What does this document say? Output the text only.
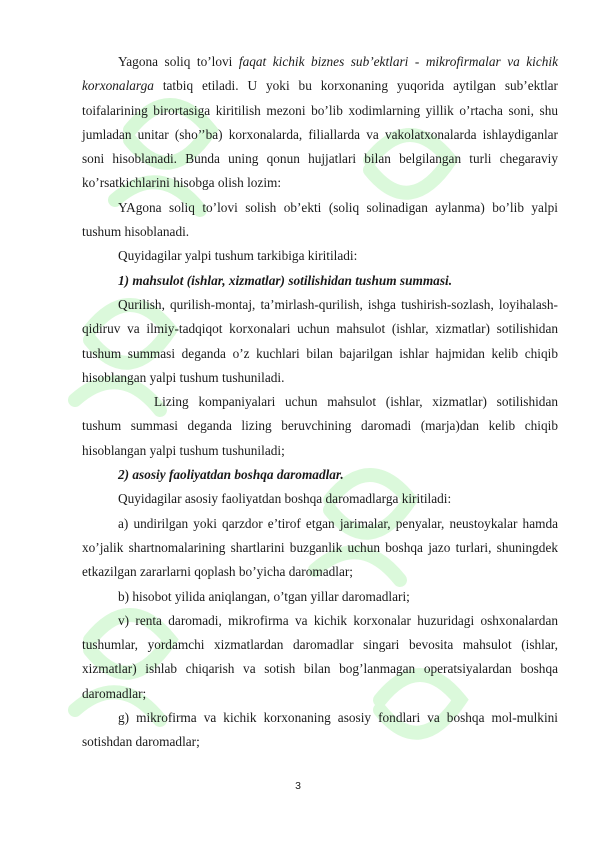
Yagona soliq to’lovi faqat kichik biznes sub’ektlari - mikrofirmalar va kichik korxonalarga tatbiq etiladi. U yoki bu korxonaning yuqorida aytilgan sub’ektlar toifalarining birortasiga kiritilish mezoni bo’lib xodimlarning yillik o’rtacha soni, shu jumladan unitar (sho’’ba) korxonalarda, filiallarda va vakolatxonalarda ishlaydiganlar soni hisoblanadi. Bunda uning qonun hujjatlari bilan belgilangan turli chegaraviy ko’rsatkichlarini hisobga olish lozim:

YAgona soliq to’lovi solish ob’ekti (soliq solinadigan aylanma) bo’lib yalpi tushum hisoblanadi.

Quyidagilar yalpi tushum tarkibiga kiritiladi:

1) mahsulot (ishlar, xizmatlar) sotilishidan tushum summasi.

Qurilish, qurilish-montaj, ta’mirlash-qurilish, ishga tushirish-sozlash, loyihalash-qidiruv va ilmiy-tadqiqot korxonalari uchun mahsulot (ishlar, xizmatlar) sotilishidan tushum summasi deganda o’z kuchlari bilan bajarilgan ishlar hajmidan kelib chiqib hisoblangan yalpi tushum tushuniladi.

Lizing kompaniyalari uchun mahsulot (ishlar, xizmatlar) sotilishidan tushum summasi deganda lizing beruvchining daromadi (marja)dan kelib chiqib hisoblangan yalpi tushum tushuniladi;

2) asosiy faoliyatdan boshqa daromadlar.

Quyidagilar asosiy faoliyatdan boshqa daromadlarga kiritiladi:

a) undirilgan yoki qarzdor e’tirof etgan jarimalar, penyalar, neustoykalar hamda xo’jalik shartnomalarining shartlarini buzganlik uchun boshqa jazo turlari, shuningdek etkazilgan zararlarni qoplash bo’yicha daromadlar;

b) hisobot yilida aniqlangan, o’tgan yillar daromadlari;

v) renta daromadi, mikrofirma va kichik korxonalar huzuridagi oshxonalardan tushumlar, yordamchi xizmatlardan daromadlar singari bevosita mahsulot (ishlar, xizmatlar) ishlab chiqarish va sotish bilan bog’lanmagan operatsiyalardan boshqa daromadlar;

g) mikrofirma va kichik korxonaning asosiy fondlari va boshqa mol-mulkini sotishdan daromadlar;

3
